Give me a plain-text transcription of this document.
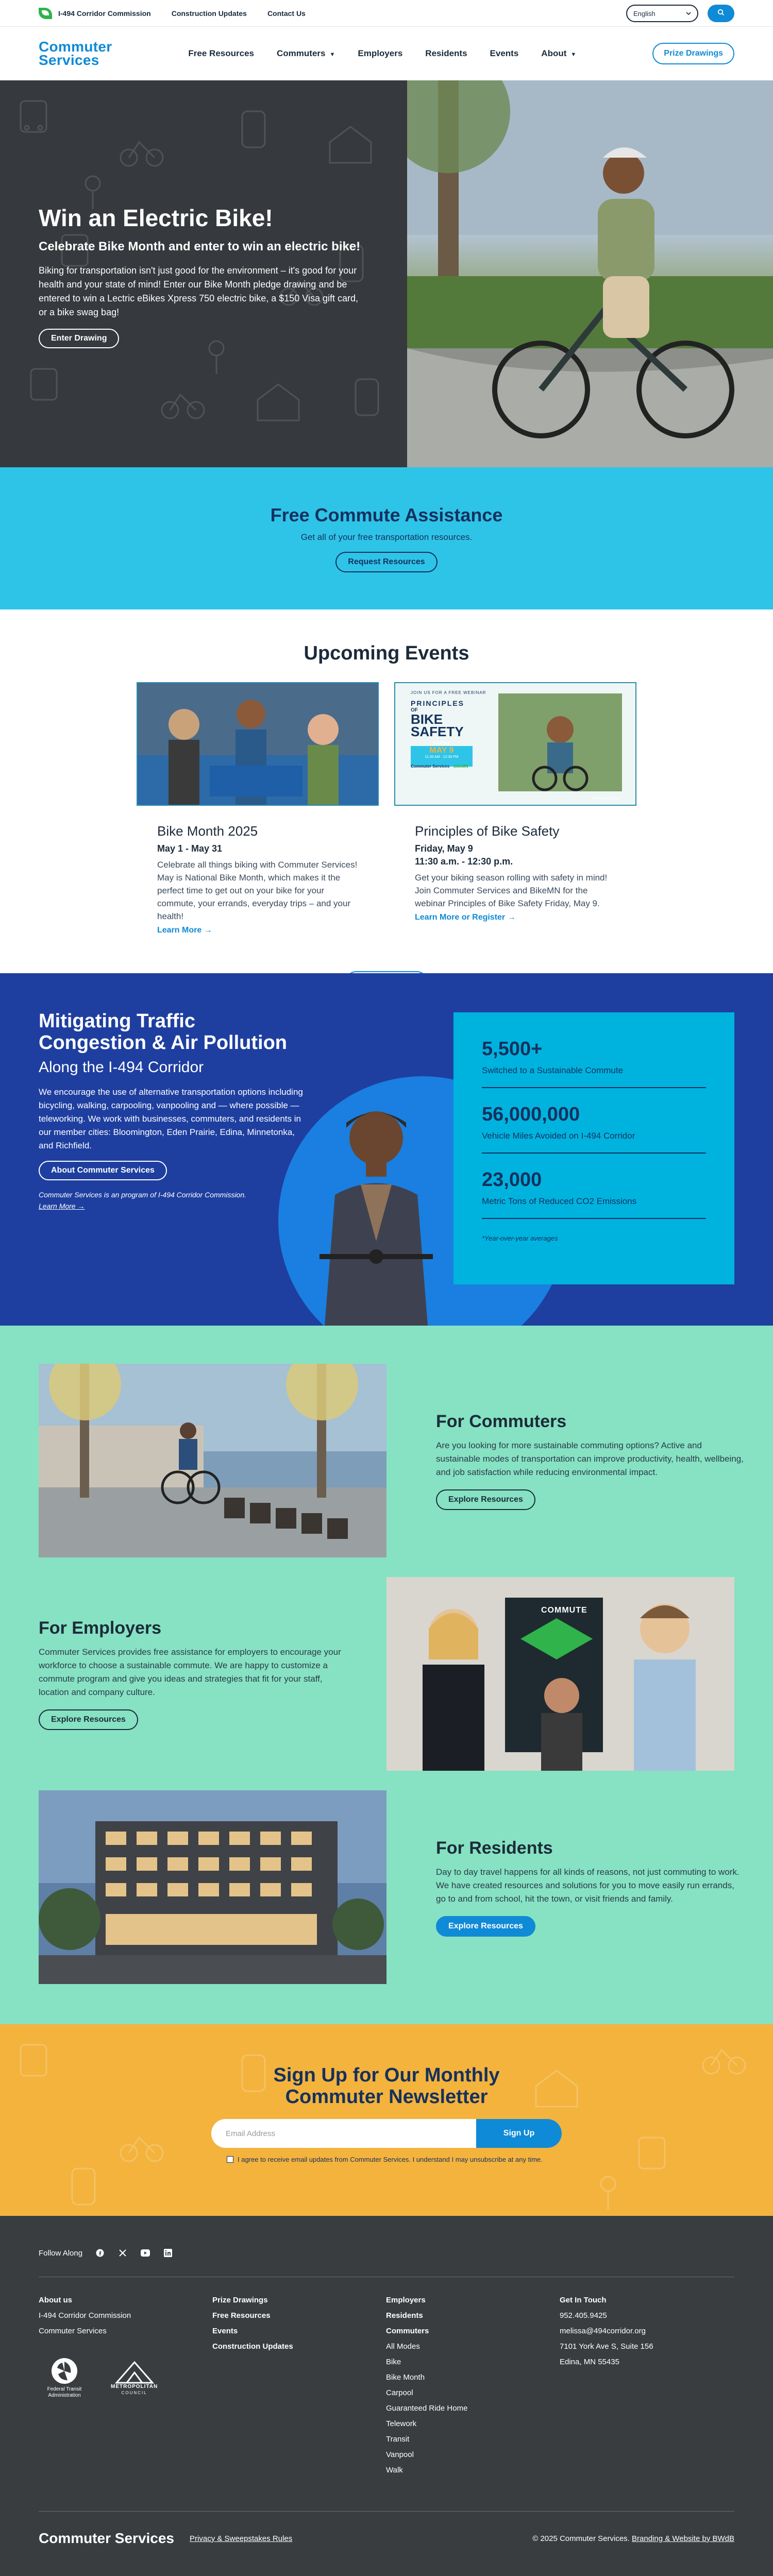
I-494 Corridor Commission	Construction Updates	Contact Us	English
Commuter
Services	Free Resources	Commuters ▼	Employers	Residents	Events	About ▼	Prize Drawings
Win an Electric Bike!
Celebrate Bike Month and enter to win an electric bike!

Biking for transportation isn't just good for the environment – it's good for your health and your state of mind! Enter our Bike Month pledge drawing and be entered to win a Lectric eBikes Xpress 750 electric bike, a $150 Visa gift card, or a bike swag bag!

Enter Drawing
Free Commute Assistance

Get all of your free transportation resources.

Request Resources
Upcoming Events
Bike Month 2025
May 1 - May 31

Celebrate all things biking with Commuter Services! May is National Bike Month, which makes it the perfect time to get out on your bike for your commute, your errands, everyday trips – and your health!

Learn More →
JOIN US FOR A FREE WEBINAR
PRINCIPLES
OF
BIKE
SAFETY
FRIDAY
MAY 9
11:30 AM - 12:30 PM
Commuter Services bikeMN
494corridor.org
Principles of Bike Safety
Friday, May 9
11:30 a.m. - 12:30 p.m.

Get your biking season rolling with safety in mind! Join Commuter Services and BikeMN for the webinar Principles of Bike Safety Friday, May 9.

Learn More or Register →
Mitigating Traffic Congestion & Air Pollution
Along the I-494 Corridor

We encourage the use of alternative transportation options including bicycling, walking, carpooling, vanpooling and — where possible — teleworking. We work with businesses, commuters, and residents in our member cities: Bloomington, Eden Prairie, Edina, Minnetonka, and Richfield.

About Commuter Services
Commuter Services is an program of I-494 Corridor Commission.
Learn More →
5,500+
Switched to a Sustainable Commute
56,000,000
Vehicle Miles Avoided on I-494 Corridor
23,000
Metric Tons of Reduced CO2 Emissions
*Year-over-year averages
For Commuters

Are you looking for more sustainable commuting options? Active and sustainable modes of transportation can improve productivity, health, wellbeing, and job satisfaction while reducing environmental impact.

Explore Resources
For Employers

Commuter Services provides free assistance for employers to encourage your workforce to choose a sustainable commute. We are happy to customize a commute program and give you ideas and strategies that fit for your staff, location and company culture.

Explore Resources
COMMUTE
For Residents

Day to day travel happens for all kinds of reasons, not just commuting to work. We have created resources and solutions for you to move easily run errands, go to and from school, hit the town, or visit friends and family.

Explore Resources
Sign Up for Our Monthly
Commuter Newsletter
Email Address
Sign Up
I agree to receive email updates from Commuter Services. I understand I may unsubscribe at any time.
Follow Along
About us
I-494 Corridor Commission
Commuter Services
Federal Transit Administration
METROPOLITAN
COUNCIL
Prize Drawings
Free Resources
Events
Construction Updates
Employers
Residents
Commuters
All Modes
Bike
Bike Month
Carpool
Guaranteed Ride Home
Telework
Transit
Vanpool
Walk
Get In Touch
952.405.9425
melissa@494corridor.org
7101 York Ave S, Suite 156
Edina, MN 55435
Commuter Services Privacy & Sweepstakes Rules	© 2025 Commuter Services. Branding & Website by BWdB
